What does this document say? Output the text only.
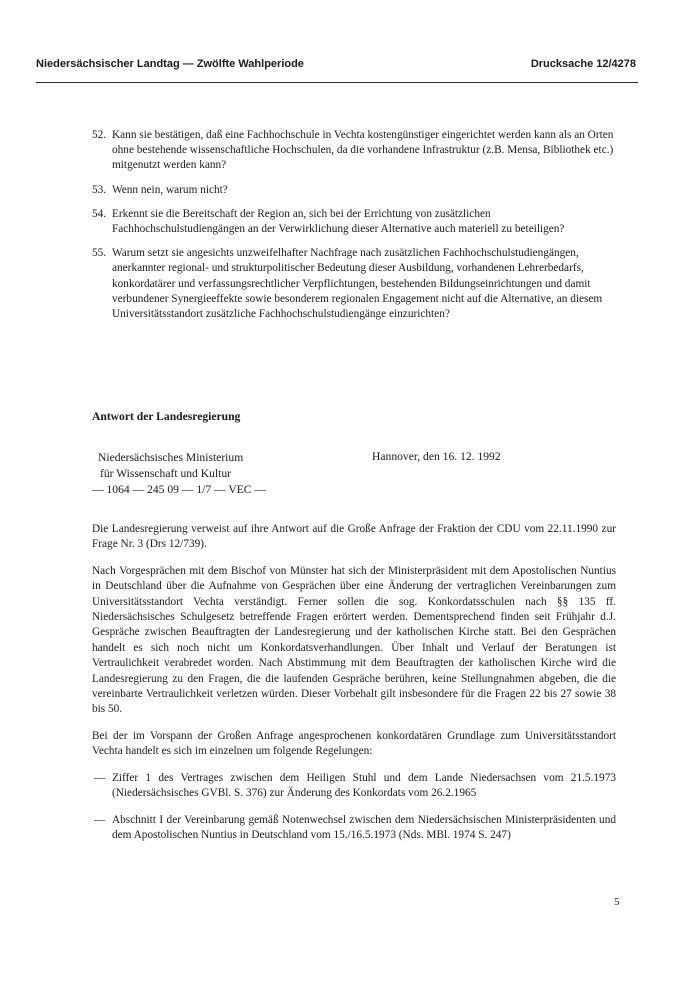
Niedersächsischer Landtag — Zwölfte Wahlperiode	Drucksache 12/4278
52. Kann sie bestätigen, daß eine Fachhochschule in Vechta kostengünstiger eingerichtet werden kann als an Orten ohne bestehende wissenschaftliche Hochschulen, da die vorhandene Infrastruktur (z.B. Mensa, Bibliothek etc.) mitgenutzt werden kann?
53. Wenn nein, warum nicht?
54. Erkennt sie die Bereitschaft der Region an, sich bei der Errichtung von zusätzlichen Fachhochschulstudiengängen an der Verwirklichung dieser Alternative auch materiell zu beteiligen?
55. Warum setzt sie angesichts unzweifelhafter Nachfrage nach zusätzlichen Fachhochschulstudiengängen, anerkannter regional- und strukturpolitischer Bedeutung dieser Ausbildung, vorhandenen Lehrerbedarfs, konkordatärer und verfassungsrechtlicher Verpflichtungen, bestehenden Bildungseinrichtungen und damit verbundener Synergieeffekte sowie besonderem regionalen Engagement nicht auf die Alternative, an diesem Universitätsstandort zusätzliche Fachhochschulstudiengänge einzurichten?
Antwort der Landesregierung
Niedersächsisches Ministerium
für Wissenschaft und Kultur
— 1064 — 245 09 — 1/7 — VEC —
Hannover, den 16. 12. 1992

Die Landesregierung verweist auf ihre Antwort auf die Große Anfrage der Fraktion der CDU vom 22.11.1990 zur Frage Nr. 3 (Drs 12/739).

Nach Vorgesprächen mit dem Bischof von Münster hat sich der Ministerpräsident mit dem Apostolischen Nuntius in Deutschland über die Aufnahme von Gesprächen über eine Änderung der vertraglichen Vereinbarungen zum Universitätsstandort Vechta verständigt. Ferner sollen die sog. Konkordatsschulen nach §§ 135 ff. Niedersächsisches Schulgesetz betreffende Fragen erörtert werden. Dementsprechend finden seit Frühjahr d.J. Gespräche zwischen Beauftragten der Landesregierung und der katholischen Kirche statt. Bei den Gesprächen handelt es sich noch nicht um Konkordatsverhandlungen. Über Inhalt und Verlauf der Beratungen ist Vertraulichkeit verabredet worden. Nach Abstimmung mit dem Beauftragten der katholischen Kirche wird die Landesregierung zu den Fragen, die die laufenden Gespräche berühren, keine Stellungnahmen abgeben, die die vereinbarte Vertraulichkeit verletzen würden. Dieser Vorbehalt gilt insbesondere für die Fragen 22 bis 27 sowie 38 bis 50.

Bei der im Vorspann der Großen Anfrage angesprochenen konkordatären Grundlage zum Universitätsstandort Vechta handelt es sich im einzelnen um folgende Regelungen:

— Ziffer 1 des Vertrages zwischen dem Heiligen Stuhl und dem Lande Niedersachsen vom 21.5.1973 (Niedersächsisches GVBl. S. 376) zur Änderung des Konkordats vom 26.2.1965
— Abschnitt I der Vereinbarung gemäß Notenwechsel zwischen dem Niedersächsischen Ministerpräsidenten und dem Apostolischen Nuntius in Deutschland vom 15./16.5.1973 (Nds. MBl. 1974 S. 247)
5
